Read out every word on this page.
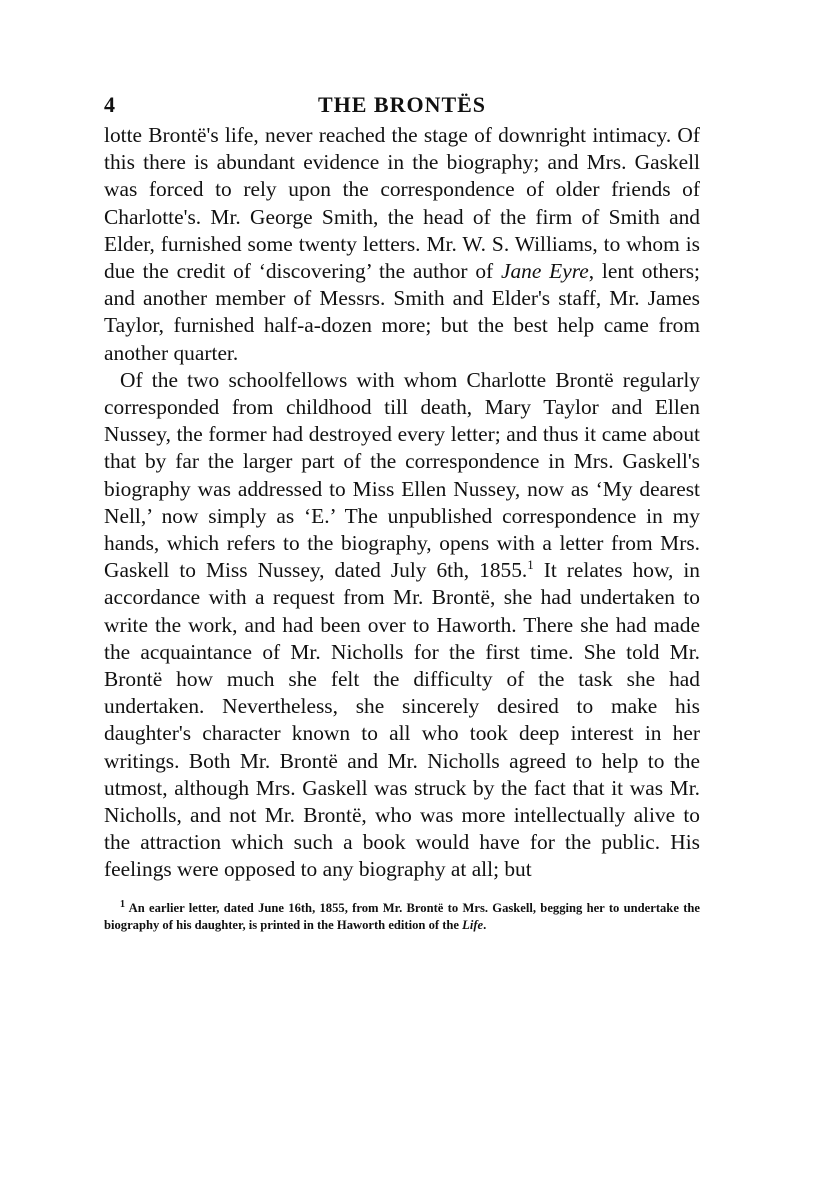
4	THE BRONTËS

lotte Brontë's life, never reached the stage of downright intimacy. Of this there is abundant evidence in the biography; and Mrs. Gaskell was forced to rely upon the correspondence of older friends of Charlotte's. Mr. George Smith, the head of the firm of Smith and Elder, furnished some twenty letters. Mr. W. S. Williams, to whom is due the credit of ‘discovering’ the author of Jane Eyre, lent others; and another member of Messrs. Smith and Elder's staff, Mr. James Taylor, furnished half-a-dozen more; but the best help came from another quarter.

Of the two schoolfellows with whom Charlotte Brontë regularly corresponded from childhood till death, Mary Taylor and Ellen Nussey, the former had destroyed every letter; and thus it came about that by far the larger part of the correspondence in Mrs. Gaskell's biography was addressed to Miss Ellen Nussey, now as ‘My dearest Nell,’ now simply as ‘E.’ The unpublished correspondence in my hands, which refers to the biography, opens with a letter from Mrs. Gaskell to Miss Nussey, dated July 6th, 1855.$^1$ It relates how, in accordance with a request from Mr. Brontë, she had undertaken to write the work, and had been over to Haworth. There she had made the acquaintance of Mr. Nicholls for the first time. She told Mr. Brontë how much she felt the difficulty of the task she had undertaken. Nevertheless, she sincerely desired to make his daughter's character known to all who took deep interest in her writings. Both Mr. Brontë and Mr. Nicholls agreed to help to the utmost, although Mrs. Gaskell was struck by the fact that it was Mr. Nicholls, and not Mr. Brontë, who was more intellectually alive to the attraction which such a book would have for the public. His feelings were opposed to any biography at all; but

$^1$ An earlier letter, dated June 16th, 1855, from Mr. Brontë to Mrs. Gaskell, begging her to undertake the biography of his daughter, is printed in the Haworth edition of the Life.
